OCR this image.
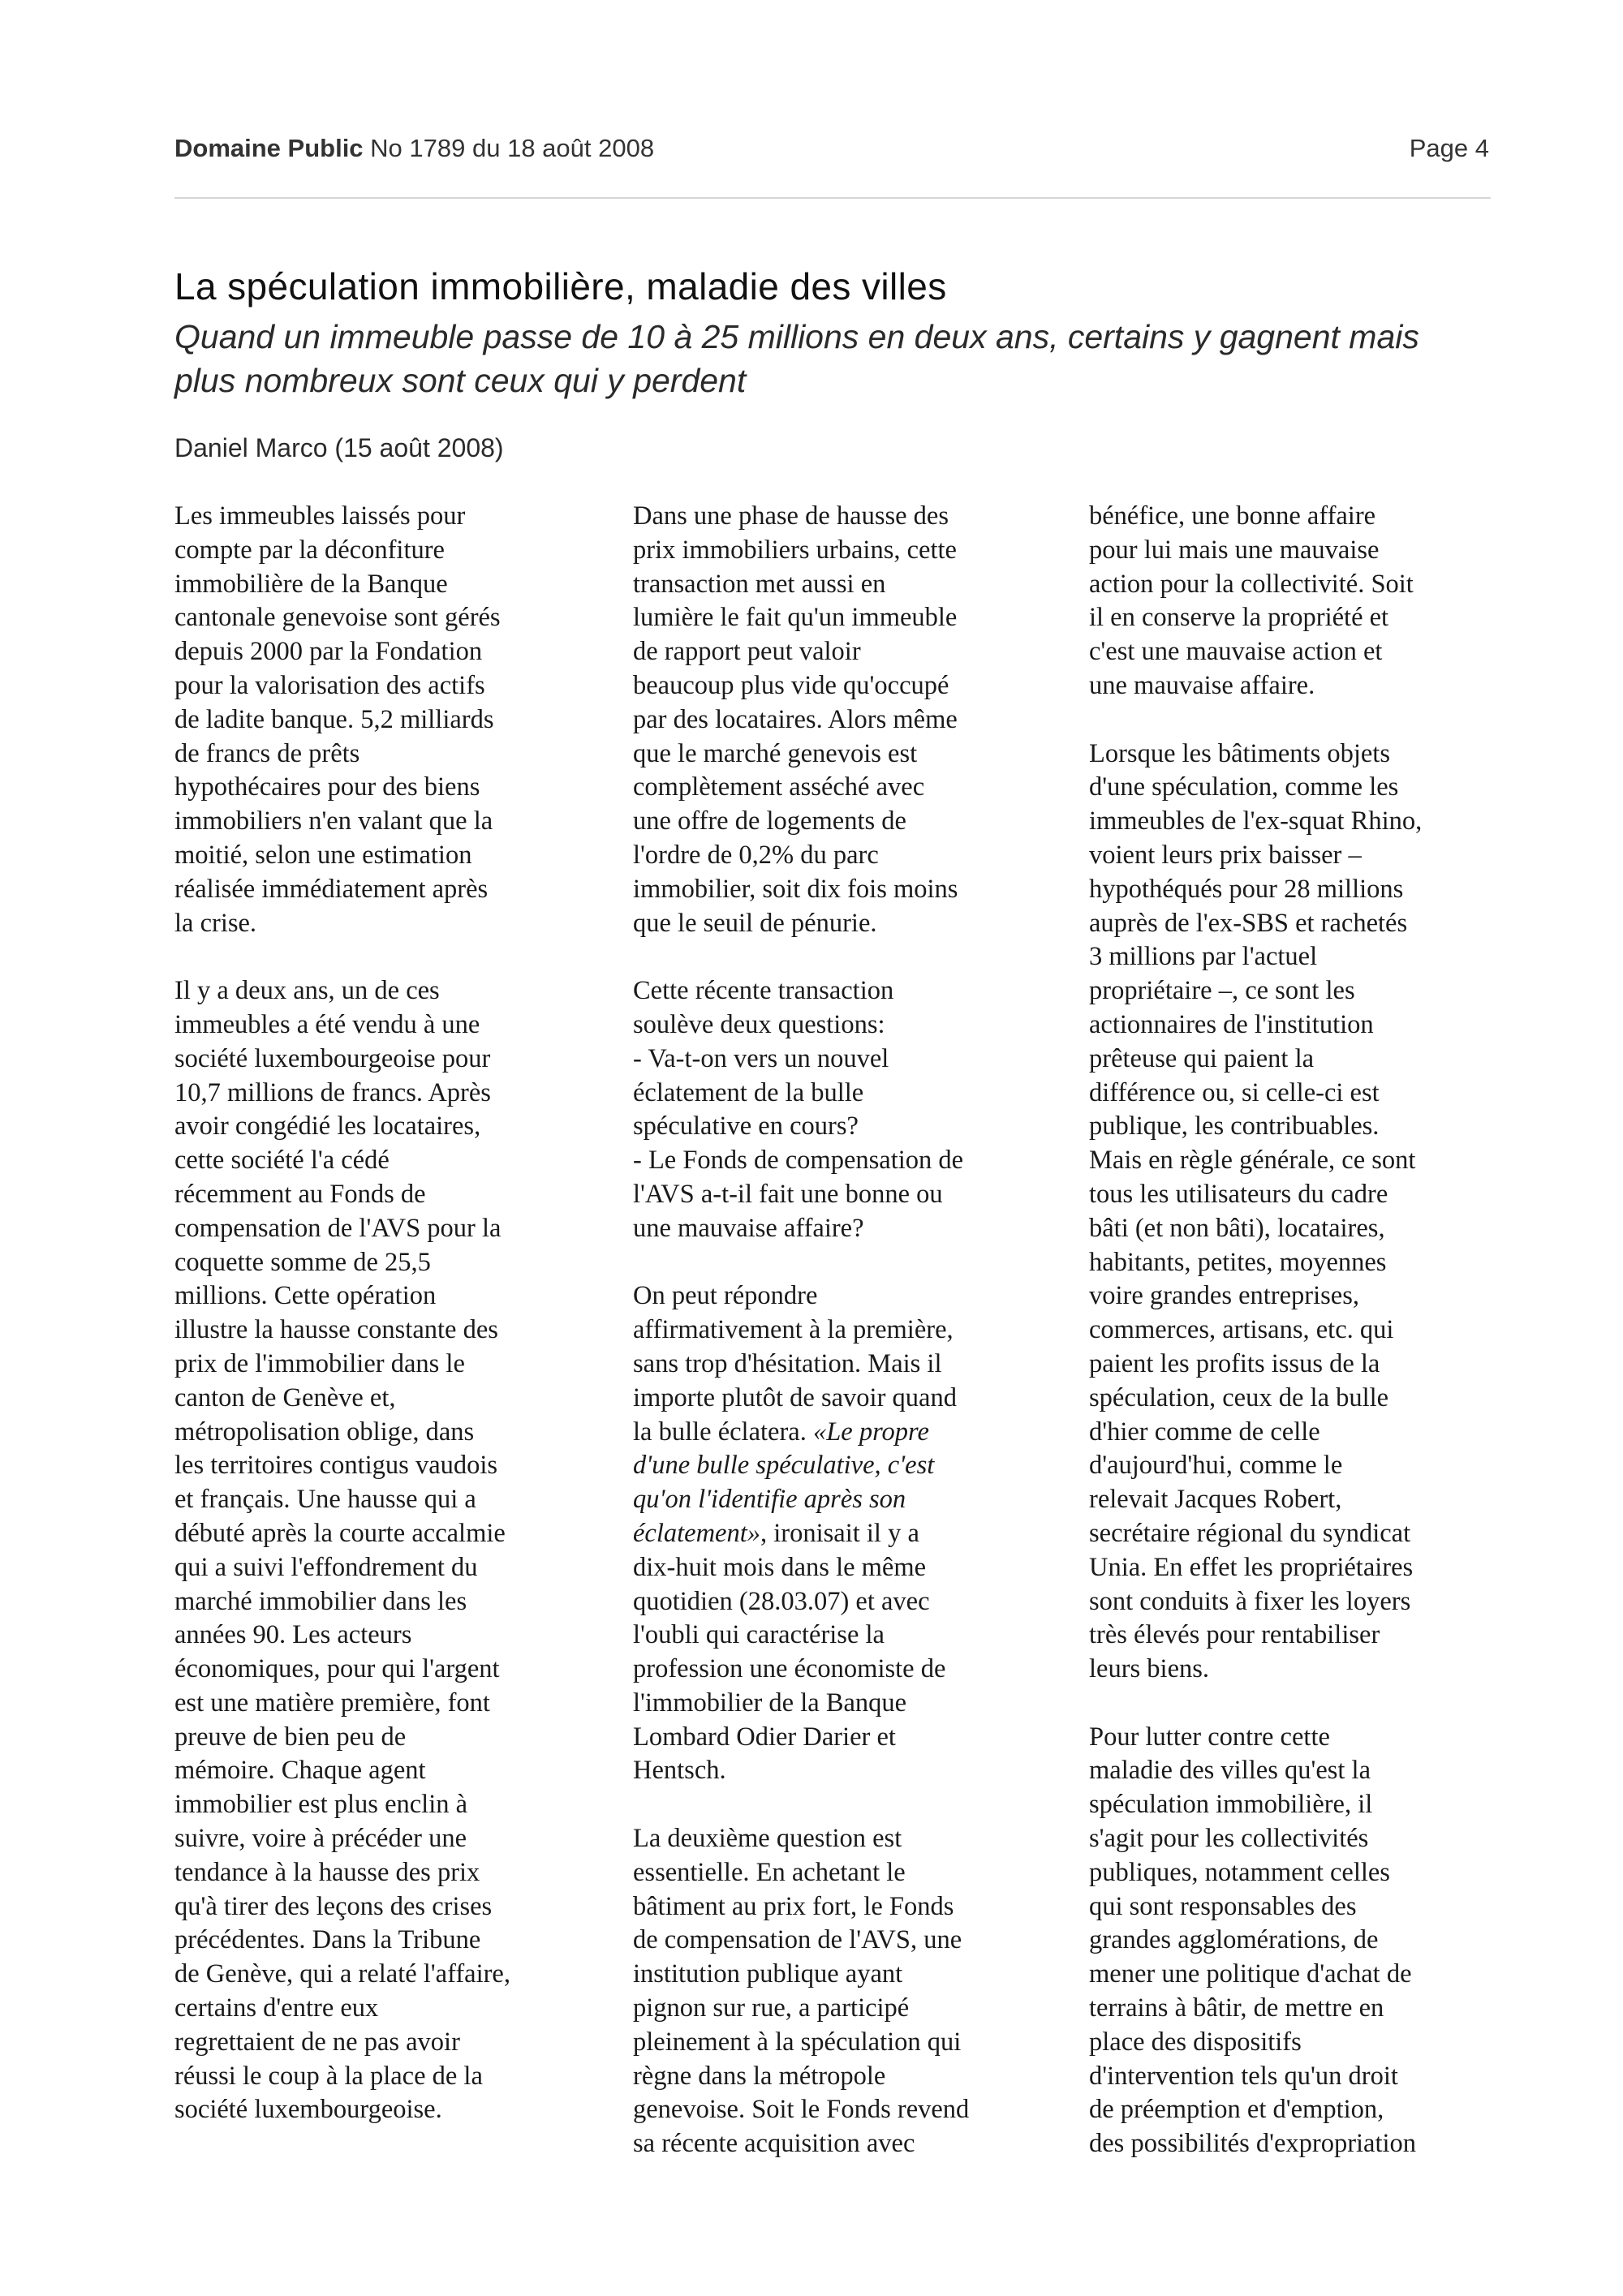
Domaine Public No 1789 du 18 août 2008	Page 4
La spéculation immobilière, maladie des villes
Quand un immeuble passe de 10 à 25 millions en deux ans, certains y gagnent mais plus nombreux sont ceux qui y perdent
Daniel Marco (15 août 2008)

Les immeubles laissés pour
compte par la déconfiture
immobilière de la Banque
cantonale genevoise sont gérés
depuis 2000 par la Fondation
pour la valorisation des actifs
de ladite banque. 5,2 milliards
de francs de prêts
hypothécaires pour des biens
immobiliers n'en valant que la
moitié, selon une estimation
réalisée immédiatement après
la crise.

Il y a deux ans, un de ces
immeubles a été vendu à une
société luxembourgeoise pour
10,7 millions de francs. Après
avoir congédié les locataires,
cette société l'a cédé
récemment au Fonds de
compensation de l'AVS pour la
coquette somme de 25,5
millions. Cette opération
illustre la hausse constante des
prix de l'immobilier dans le
canton de Genève et,
métropolisation oblige, dans
les territoires contigus vaudois
et français. Une hausse qui a
débuté après la courte accalmie
qui a suivi l'effondrement du
marché immobilier dans les
années 90. Les acteurs
économiques, pour qui l'argent
est une matière première, font
preuve de bien peu de
mémoire. Chaque agent
immobilier est plus enclin à
suivre, voire à précéder une
tendance à la hausse des prix
qu'à tirer des leçons des crises
précédentes. Dans la Tribune
de Genève, qui a relaté l'affaire,
certains d'entre eux
regrettaient de ne pas avoir
réussi le coup à la place de la
société luxembourgeoise.

Dans une phase de hausse des
prix immobiliers urbains, cette
transaction met aussi en
lumière le fait qu'un immeuble
de rapport peut valoir
beaucoup plus vide qu'occupé
par des locataires. Alors même
que le marché genevois est
complètement asséché avec
une offre de logements de
l'ordre de 0,2% du parc
immobilier, soit dix fois moins
que le seuil de pénurie.

Cette récente transaction
soulève deux questions:
- Va-t-on vers un nouvel
éclatement de la bulle
spéculative en cours?
- Le Fonds de compensation de
l'AVS a-t-il fait une bonne ou
une mauvaise affaire?

On peut répondre
affirmativement à la première,
sans trop d'hésitation. Mais il
importe plutôt de savoir quand
la bulle éclatera. «Le propre
d'une bulle spéculative, c'est
qu'on l'identifie après son
éclatement», ironisait il y a
dix-huit mois dans le même
quotidien (28.03.07) et avec
l'oubli qui caractérise la
profession une économiste de
l'immobilier de la Banque
Lombard Odier Darier et
Hentsch.

La deuxième question est
essentielle. En achetant le
bâtiment au prix fort, le Fonds
de compensation de l'AVS, une
institution publique ayant
pignon sur rue, a participé
pleinement à la spéculation qui
règne dans la métropole
genevoise. Soit le Fonds revend
sa récente acquisition avec

bénéfice, une bonne affaire
pour lui mais une mauvaise
action pour la collectivité. Soit
il en conserve la propriété et
c'est une mauvaise action et
une mauvaise affaire.

Lorsque les bâtiments objets
d'une spéculation, comme les
immeubles de l'ex-squat Rhino,
voient leurs prix baisser –
hypothéqués pour 28 millions
auprès de l'ex-SBS et rachetés
3 millions par l'actuel
propriétaire –, ce sont les
actionnaires de l'institution
prêteuse qui paient la
différence ou, si celle-ci est
publique, les contribuables.
Mais en règle générale, ce sont
tous les utilisateurs du cadre
bâti (et non bâti), locataires,
habitants, petites, moyennes
voire grandes entreprises,
commerces, artisans, etc. qui
paient les profits issus de la
spéculation, ceux de la bulle
d'hier comme de celle
d'aujourd'hui, comme le
relevait Jacques Robert,
secrétaire régional du syndicat
Unia. En effet les propriétaires
sont conduits à fixer les loyers
très élevés pour rentabiliser
leurs biens.

Pour lutter contre cette
maladie des villes qu'est la
spéculation immobilière, il
s'agit pour les collectivités
publiques, notamment celles
qui sont responsables des
grandes agglomérations, de
mener une politique d'achat de
terrains à bâtir, de mettre en
place des dispositifs
d'intervention tels qu'un droit
de préemption et d'emption,
des possibilités d'expropriation
